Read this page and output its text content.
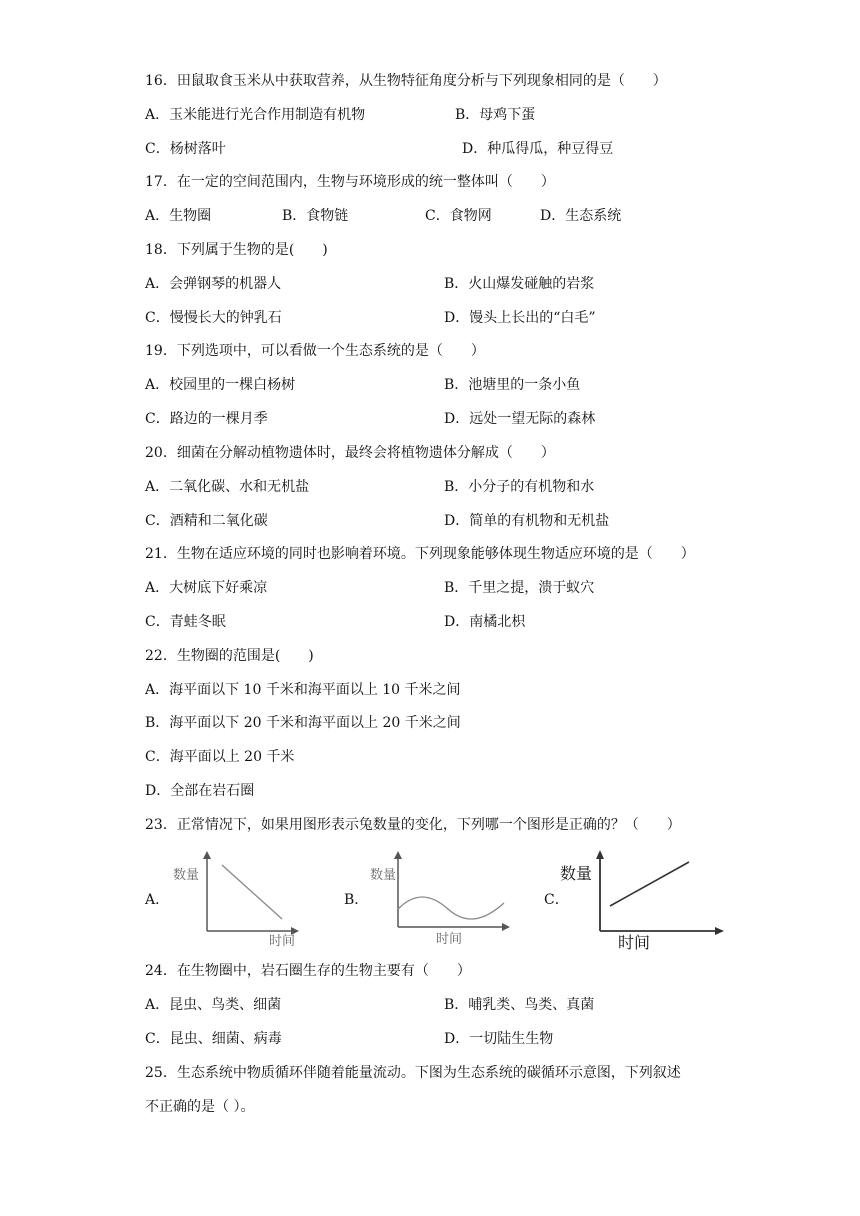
16．田鼠取食玉米从中获取营养，从生物特征角度分析与下列现象相同的是（　　）
A．玉米能进行光合作用制造有机物	B．母鸡下蛋
C．杨树落叶	D．种瓜得瓜，种豆得豆
17．在一定的空间范围内，生物与环境形成的统一整体叫（　　）
A．生物圈	B．食物链	C．食物网	D．生态系统
18．下列属于生物的是(　　)
A．会弹钢琴的机器人	B．火山爆发碰触的岩浆
C．慢慢长大的钟乳石	D．馒头上长出的“白毛”
19．下列选项中，可以看做一个生态系统的是（　　）
A．校园里的一棵白杨树	B．池塘里的一条小鱼
C．路边的一棵月季	D．远处一望无际的森林
20．细菌在分解动植物遗体时，最终会将植物遗体分解成（　　）
A．二氧化碳、水和无机盐	B．小分子的有机物和水
C．酒精和二氧化碳	D．简单的有机物和无机盐
21．生物在适应环境的同时也影响着环境。下列现象能够体现生物适应环境的是（　　）
A．大树底下好乘凉	B．千里之提，溃于蚁穴
C．青蛙冬眠	D．南橘北枳
22．生物圈的范围是(　　)
A．海平面以下 10 千米和海平面以上 10 千米之间
B．海平面以下 20 千米和海平面以上 20 千米之间
C．海平面以上 20 千米
D．全部在岩石圈
23．正常情况下，如果用图形表示兔数量的变化，下列哪一个图形是正确的？（　　）
A．
数量
时间
B．
数量
时间
C．
数量
时间
24．在生物圈中，岩石圈生存的生物主要有（　　）
A．昆虫、鸟类、细菌	B．哺乳类、鸟类、真菌
C．昆虫、细菌、病毒	D．一切陆生生物
25．生态系统中物质循环伴随着能量流动。下图为生态系统的碳循环示意图，下列叙述
不正确的是（ ）。
